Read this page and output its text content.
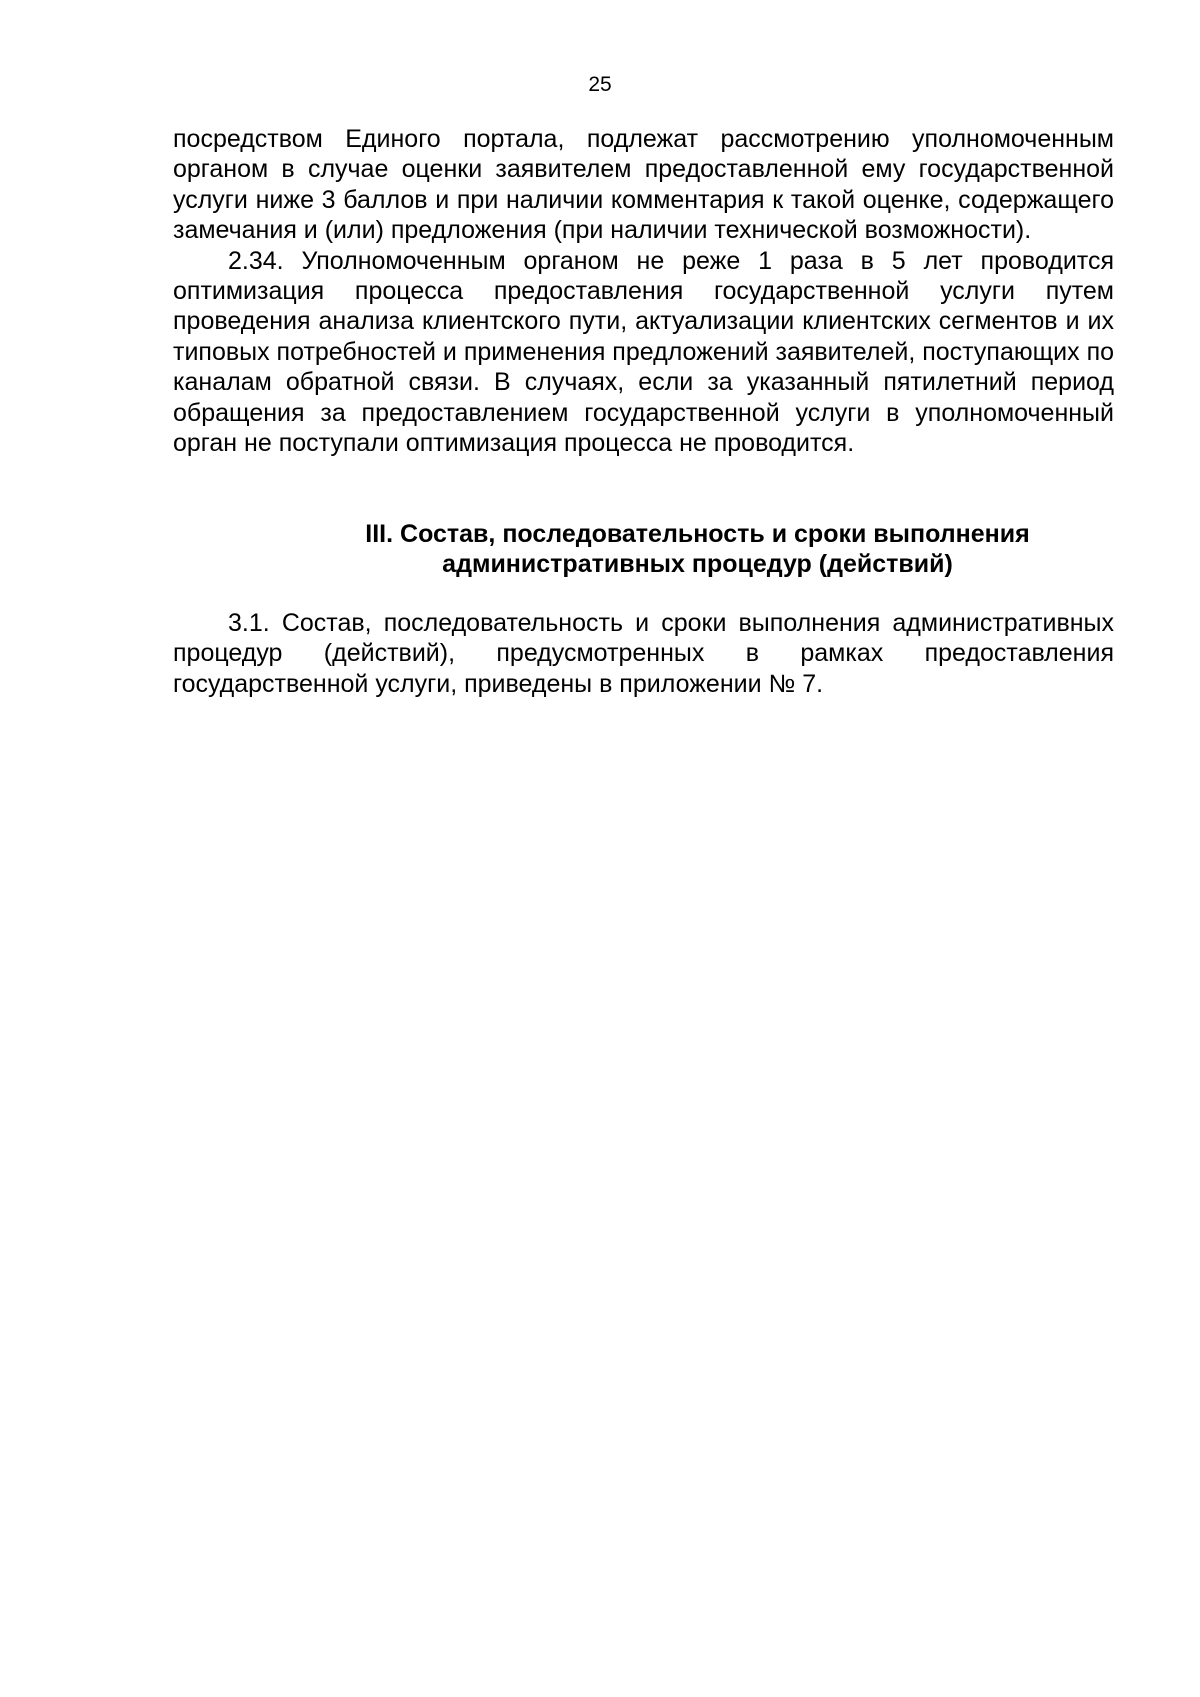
25

посредством Единого портала, подлежат рассмотрению уполномоченным органом в случае оценки заявителем предоставленной ему государственной услуги ниже 3 баллов и при наличии комментария к такой оценке, содержащего замечания и (или) предложения (при наличии технической возможности).

2.34. Уполномоченным органом не реже 1 раза в 5 лет проводится оптимизация процесса предоставления государственной услуги путем проведения анализа клиентского пути, актуализации клиентских сегментов и их типовых потребностей и применения предложений заявителей, поступающих по каналам обратной связи. В случаях, если за указанный пятилетний период обращения за предоставлением государственной услуги в уполномоченный орган не поступали оптимизация процесса не проводится.

III. Состав, последовательность и сроки выполнения

административных процедур (действий)

3.1. Состав, последовательность и сроки выполнения административных процедур (действий), предусмотренных в рамках предоставления государственной услуги, приведены в приложении № 7.
